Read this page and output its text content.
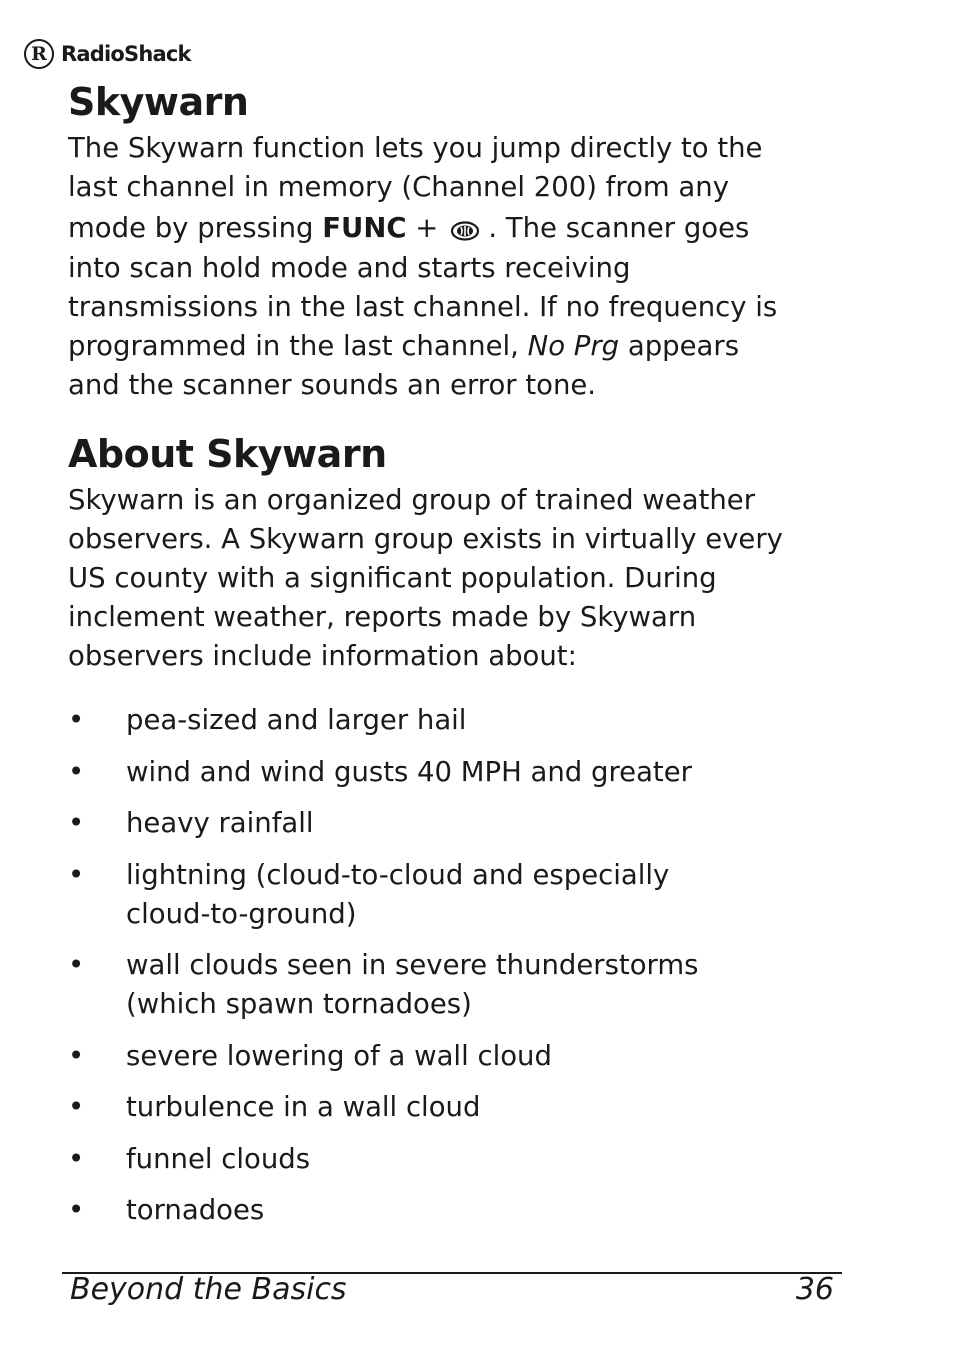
R RadioShack
Skywarn
The Skywarn function lets you jump directly to the
last channel in memory (Channel 200) from any
mode by pressing FUNC + . The scanner goes
into scan hold mode and starts receiving
transmissions in the last channel. If no frequency is
programmed in the last channel, No Prg appears
and the scanner sounds an error tone.
About Skywarn
Skywarn is an organized group of trained weather
observers. A Skywarn group exists in virtually every
US county with a significant population. During
inclement weather, reports made by Skywarn
observers include information about:
• pea-sized and larger hail
• wind and wind gusts 40 MPH and greater
• heavy rainfall
• lightning (cloud-to-cloud and especially
cloud-to-ground)
• wall clouds seen in severe thunderstorms
(which spawn tornadoes)
• severe lowering of a wall cloud
• turbulence in a wall cloud
• funnel clouds
• tornadoes
Beyond the Basics	36
